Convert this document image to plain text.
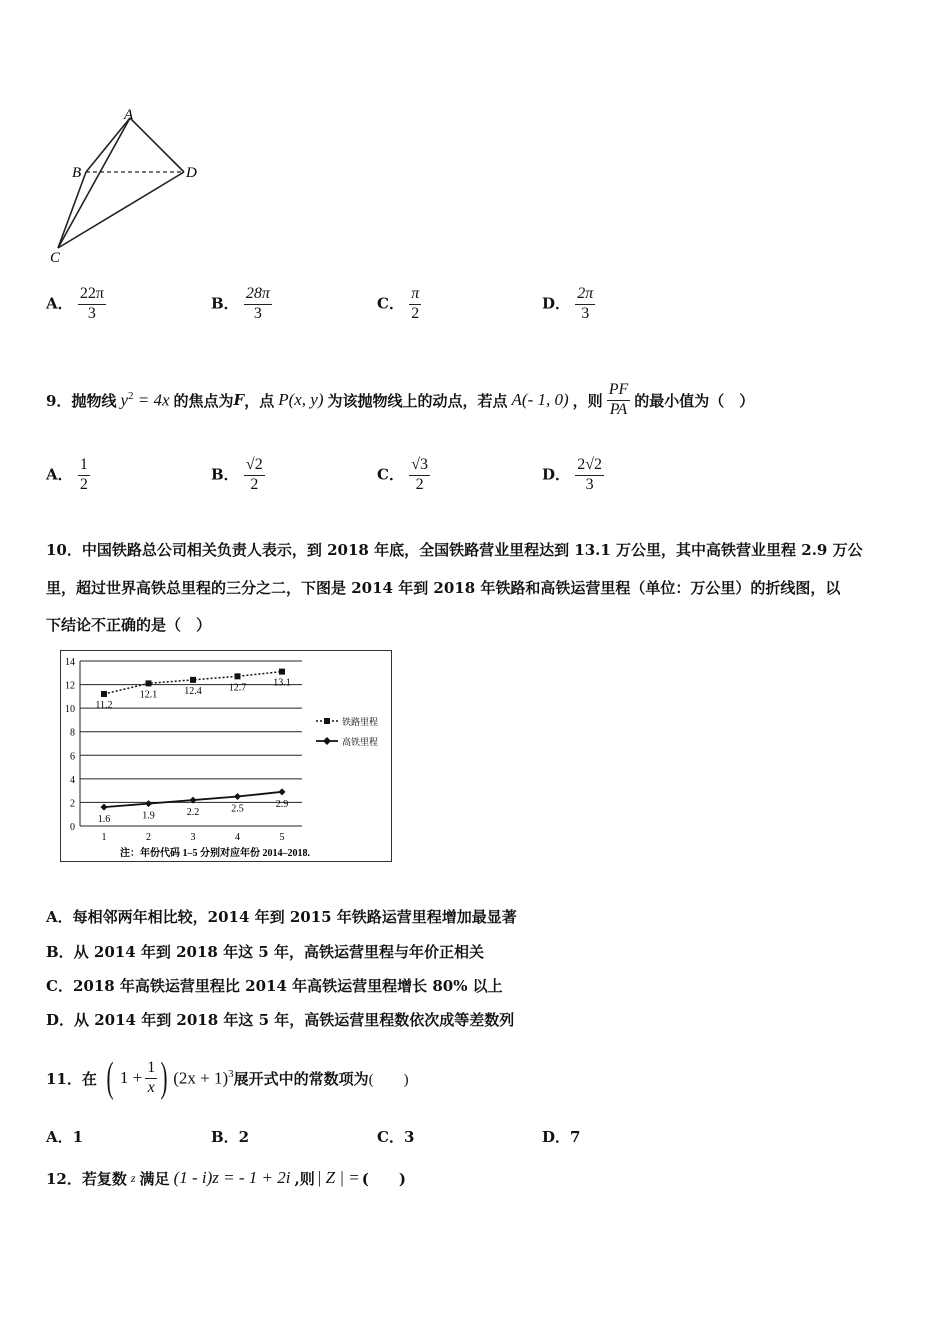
A
B
C
D
A． $\frac{22\pi}{3}$	B． $\frac{28\pi}{3}$	C． $\frac{\pi}{2}$	D． $\frac{2\pi}{3}$
9． 抛物线 $y^2 = 4x$ 的焦点为 F ，点 P(x, y) 为该抛物线上的动点，若点 A(- 1, 0) ，则 $\frac{PF}{PA}$ 的最小值为（　）
A． $\frac{1}{2}$	B． $\frac{√2}{2}$	C． $\frac{√3}{2}$	D． $\frac{2√2}{3}$
10．中国铁路总公司相关负责人表示，到 2018 年底，全国铁路营业里程达到 13.1 万公里，其中高铁营业里程 2.9 万公
里，超过世界高铁总里程的三分之二，下图是 2014 年到 2018 年铁路和高铁运营里程（单位：万公里）的折线图，以
下结论不正确的是（　）
0
2
4
6
8
10
12
14
1	2	3	4	5
11.2
12.1	12.4	12.7	13.1
1.6	1.9	2.2	2.5	2.9
铁路里程
高铁里程
注：年份代码 1–5 分别对应年份 2014–2018.
A．每相邻两年相比较，2014 年到 2015 年铁路运营里程增加最显著
B．从 2014 年到 2018 年这 5 年，高铁运营里程与年价正相关
C．2018 年高铁运营里程比 2014 年高铁运营里程增长 80% 以上
D．从 2014 年到 2018 年这 5 年，高铁运营里程数依次成等差数列
11．在 ( $1 + \frac{1}{x}$ ) $(2x + 1)^3$ 展开式中的常数项为 (　　)
A．1	B．2	C．3	D．7
12．若复数 z 满足 (1 - i)z = - 1 + 2i ,则 | Z | = (　　)
